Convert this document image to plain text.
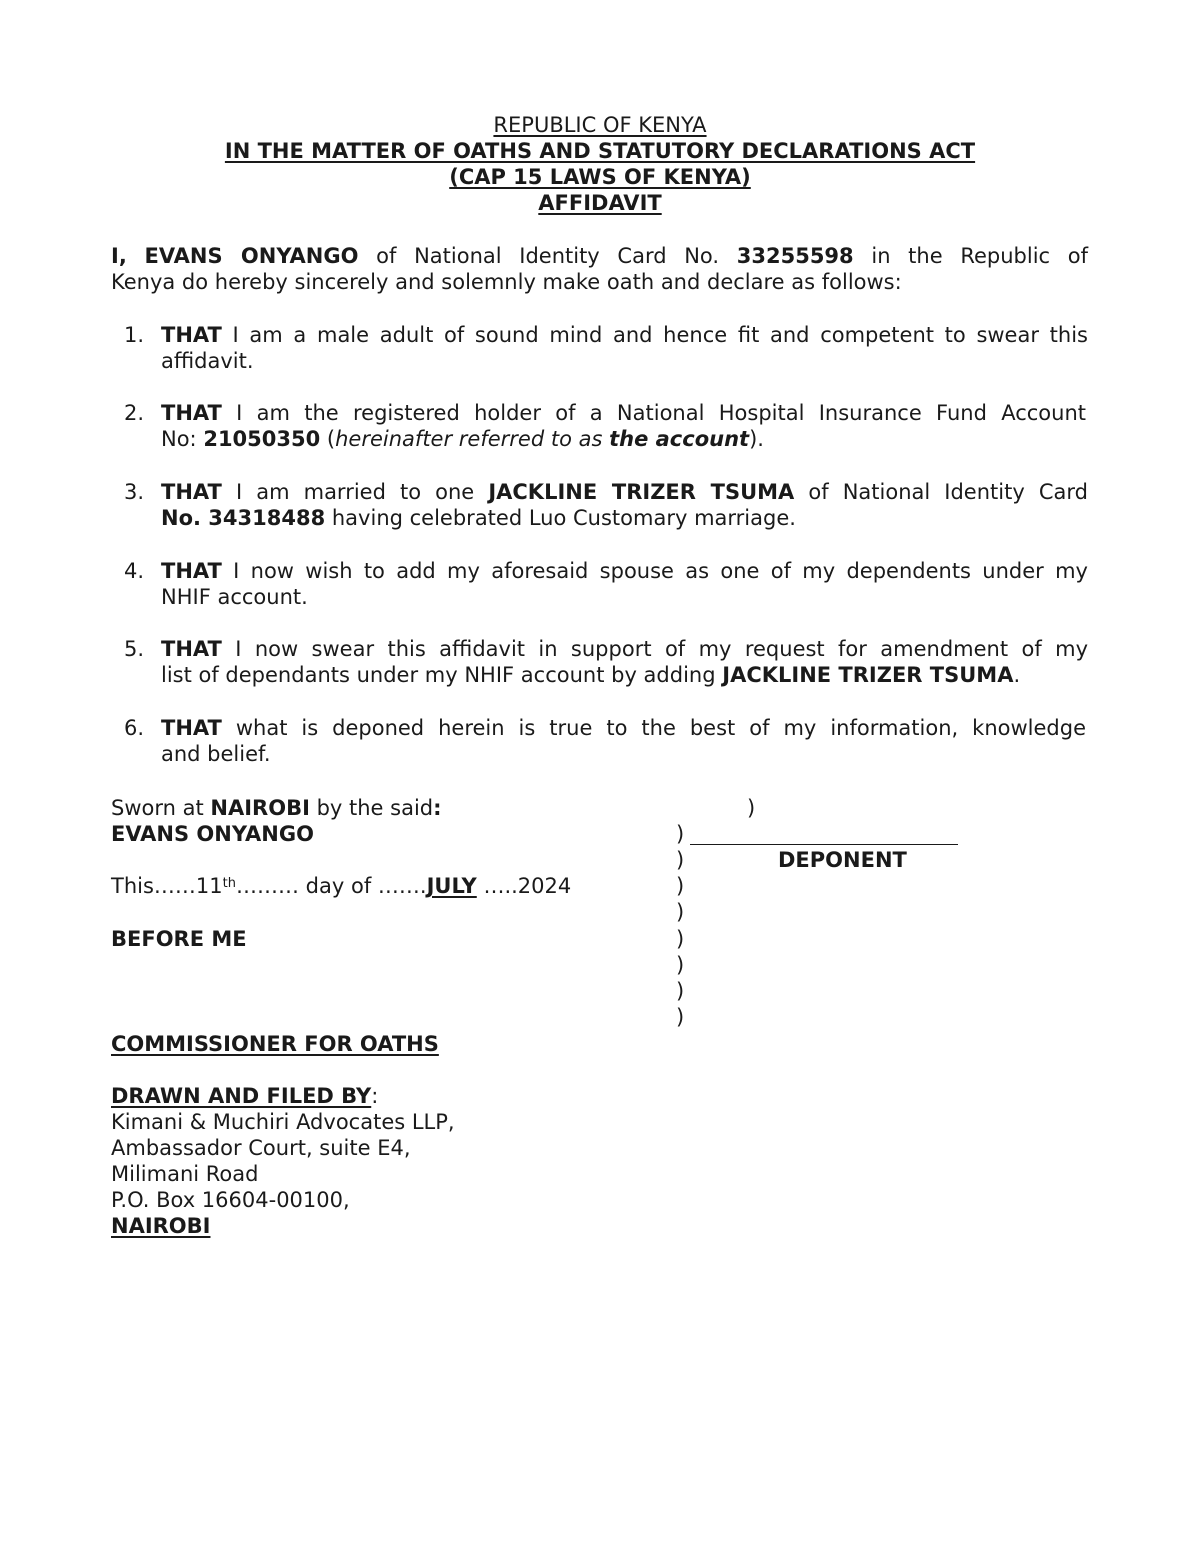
REPUBLIC OF KENYA
IN THE MATTER OF OATHS AND STATUTORY DECLARATIONS ACT
(CAP 15 LAWS OF KENYA)
AFFIDAVIT
I, EVANS ONYANGO of National Identity Card No. 33255598 in the Republic of
Kenya do hereby sincerely and solemnly make oath and declare as follows:
1. THAT I am a male adult of sound mind and hence fit and competent to swear this
affidavit.
2. THAT I am the registered holder of a National Hospital Insurance Fund Account
No: 21050350 (hereinafter referred to as the account).
3. THAT I am married to one JACKLINE TRIZER TSUMA of National Identity Card
No. 34318488 having celebrated Luo Customary marriage.
4. THAT I now wish to add my aforesaid spouse as one of my dependents under my
NHIF account.
5. THAT I now swear this affidavit in support of my request for amendment of my
list of dependants under my NHIF account by adding JACKLINE TRIZER TSUMA.
6. THAT what is deponed herein is true to the best of my information, knowledge
and belief.
Sworn at NAIROBI by the said:
EVANS ONYANGO
This……11th……… day of …….JULY …..2024
BEFORE ME
COMMISSIONER FOR OATHS
)
)
)	DEPONENT
)
)
)
)
)
)
DRAWN AND FILED BY:
Kimani & Muchiri Advocates LLP,
Ambassador Court, suite E4,
Milimani Road
P.O. Box 16604-00100,
NAIROBI
